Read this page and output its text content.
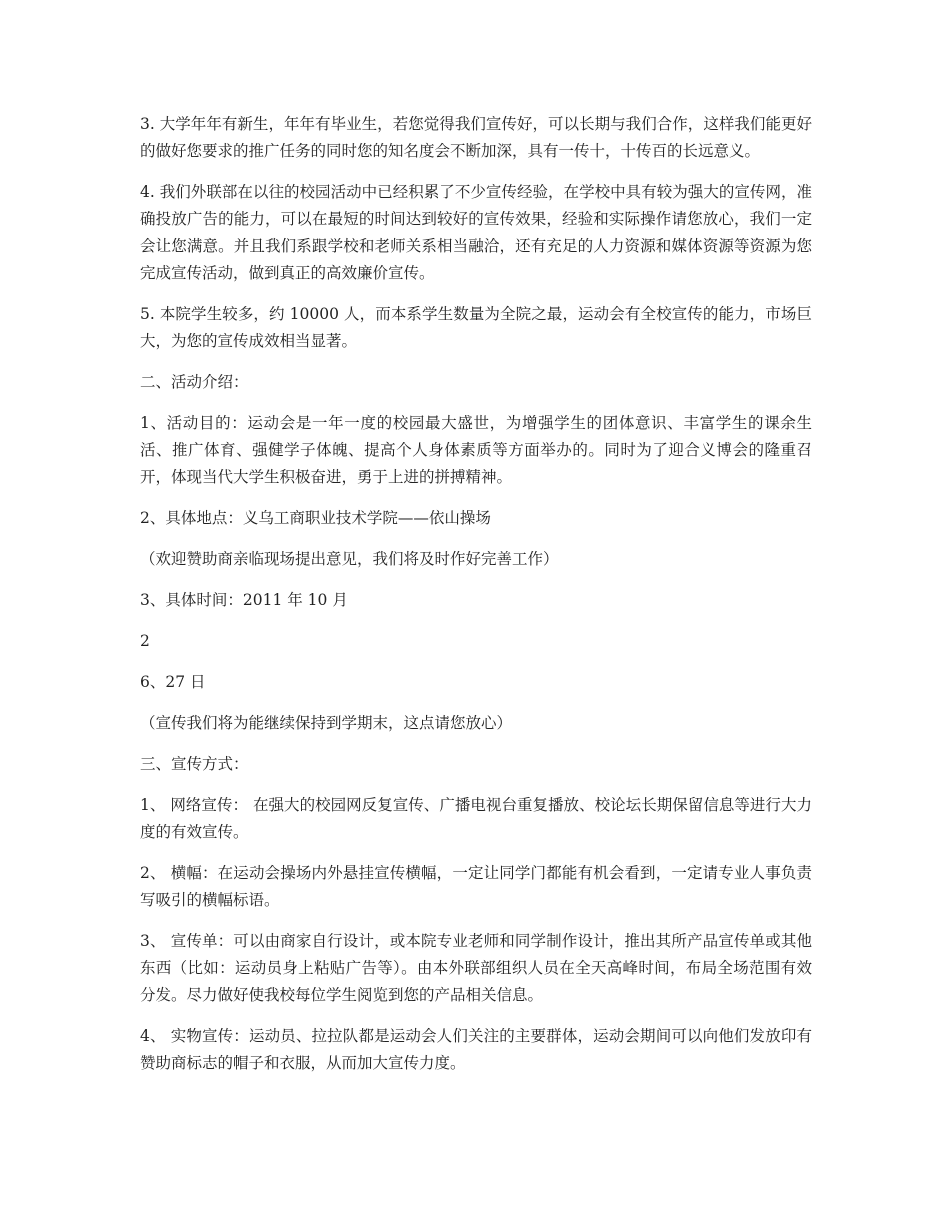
3. 大学年年有新生，年年有毕业生，若您觉得我们宣传好，可以长期与我们合作，这样我们能更好的做好您要求的推广任务的同时您的知名度会不断加深，具有一传十，十传百的长远意义。

4. 我们外联部在以往的校园活动中已经积累了不少宣传经验，在学校中具有较为强大的宣传网，准确投放广告的能力，可以在最短的时间达到较好的宣传效果，经验和实际操作请您放心，我们一定会让您满意。并且我们系跟学校和老师关系相当融洽，还有充足的人力资源和媒体资源等资源为您完成宣传活动，做到真正的高效廉价宣传。

5. 本院学生较多，约 10000 人，而本系学生数量为全院之最，运动会有全校宣传的能力，市场巨大，为您的宣传成效相当显著。

二、活动介绍：

1、活动目的：运动会是一年一度的校园最大盛世，为增强学生的团体意识、丰富学生的课余生活、推广体育、强健学子体魄、提高个人身体素质等方面举办的。同时为了迎合义博会的隆重召开，体现当代大学生积极奋进，勇于上进的拼搏精神。

2、具体地点：义乌工商职业技术学院——依山操场

（欢迎赞助商亲临现场提出意见，我们将及时作好完善工作）

3、具体时间：2011 年 10 月

2

6、27 日

（宣传我们将为能继续保持到学期末，这点请您放心）

三、宣传方式：

1、 网络宣传： 在强大的校园网反复宣传、广播电视台重复播放、校论坛长期保留信息等进行大力度的有效宣传。

2、 横幅：在运动会操场内外悬挂宣传横幅，一定让同学门都能有机会看到，一定请专业人事负责写吸引的横幅标语。

3、 宣传单：可以由商家自行设计，或本院专业老师和同学制作设计，推出其所产品宣传单或其他东西（比如：运动员身上粘贴广告等）。由本外联部组织人员在全天高峰时间，布局全场范围有效分发。尽力做好使我校每位学生阅览到您的产品相关信息。

4、 实物宣传：运动员、拉拉队都是运动会人们关注的主要群体，运动会期间可以向他们发放印有赞助商标志的帽子和衣服，从而加大宣传力度。
